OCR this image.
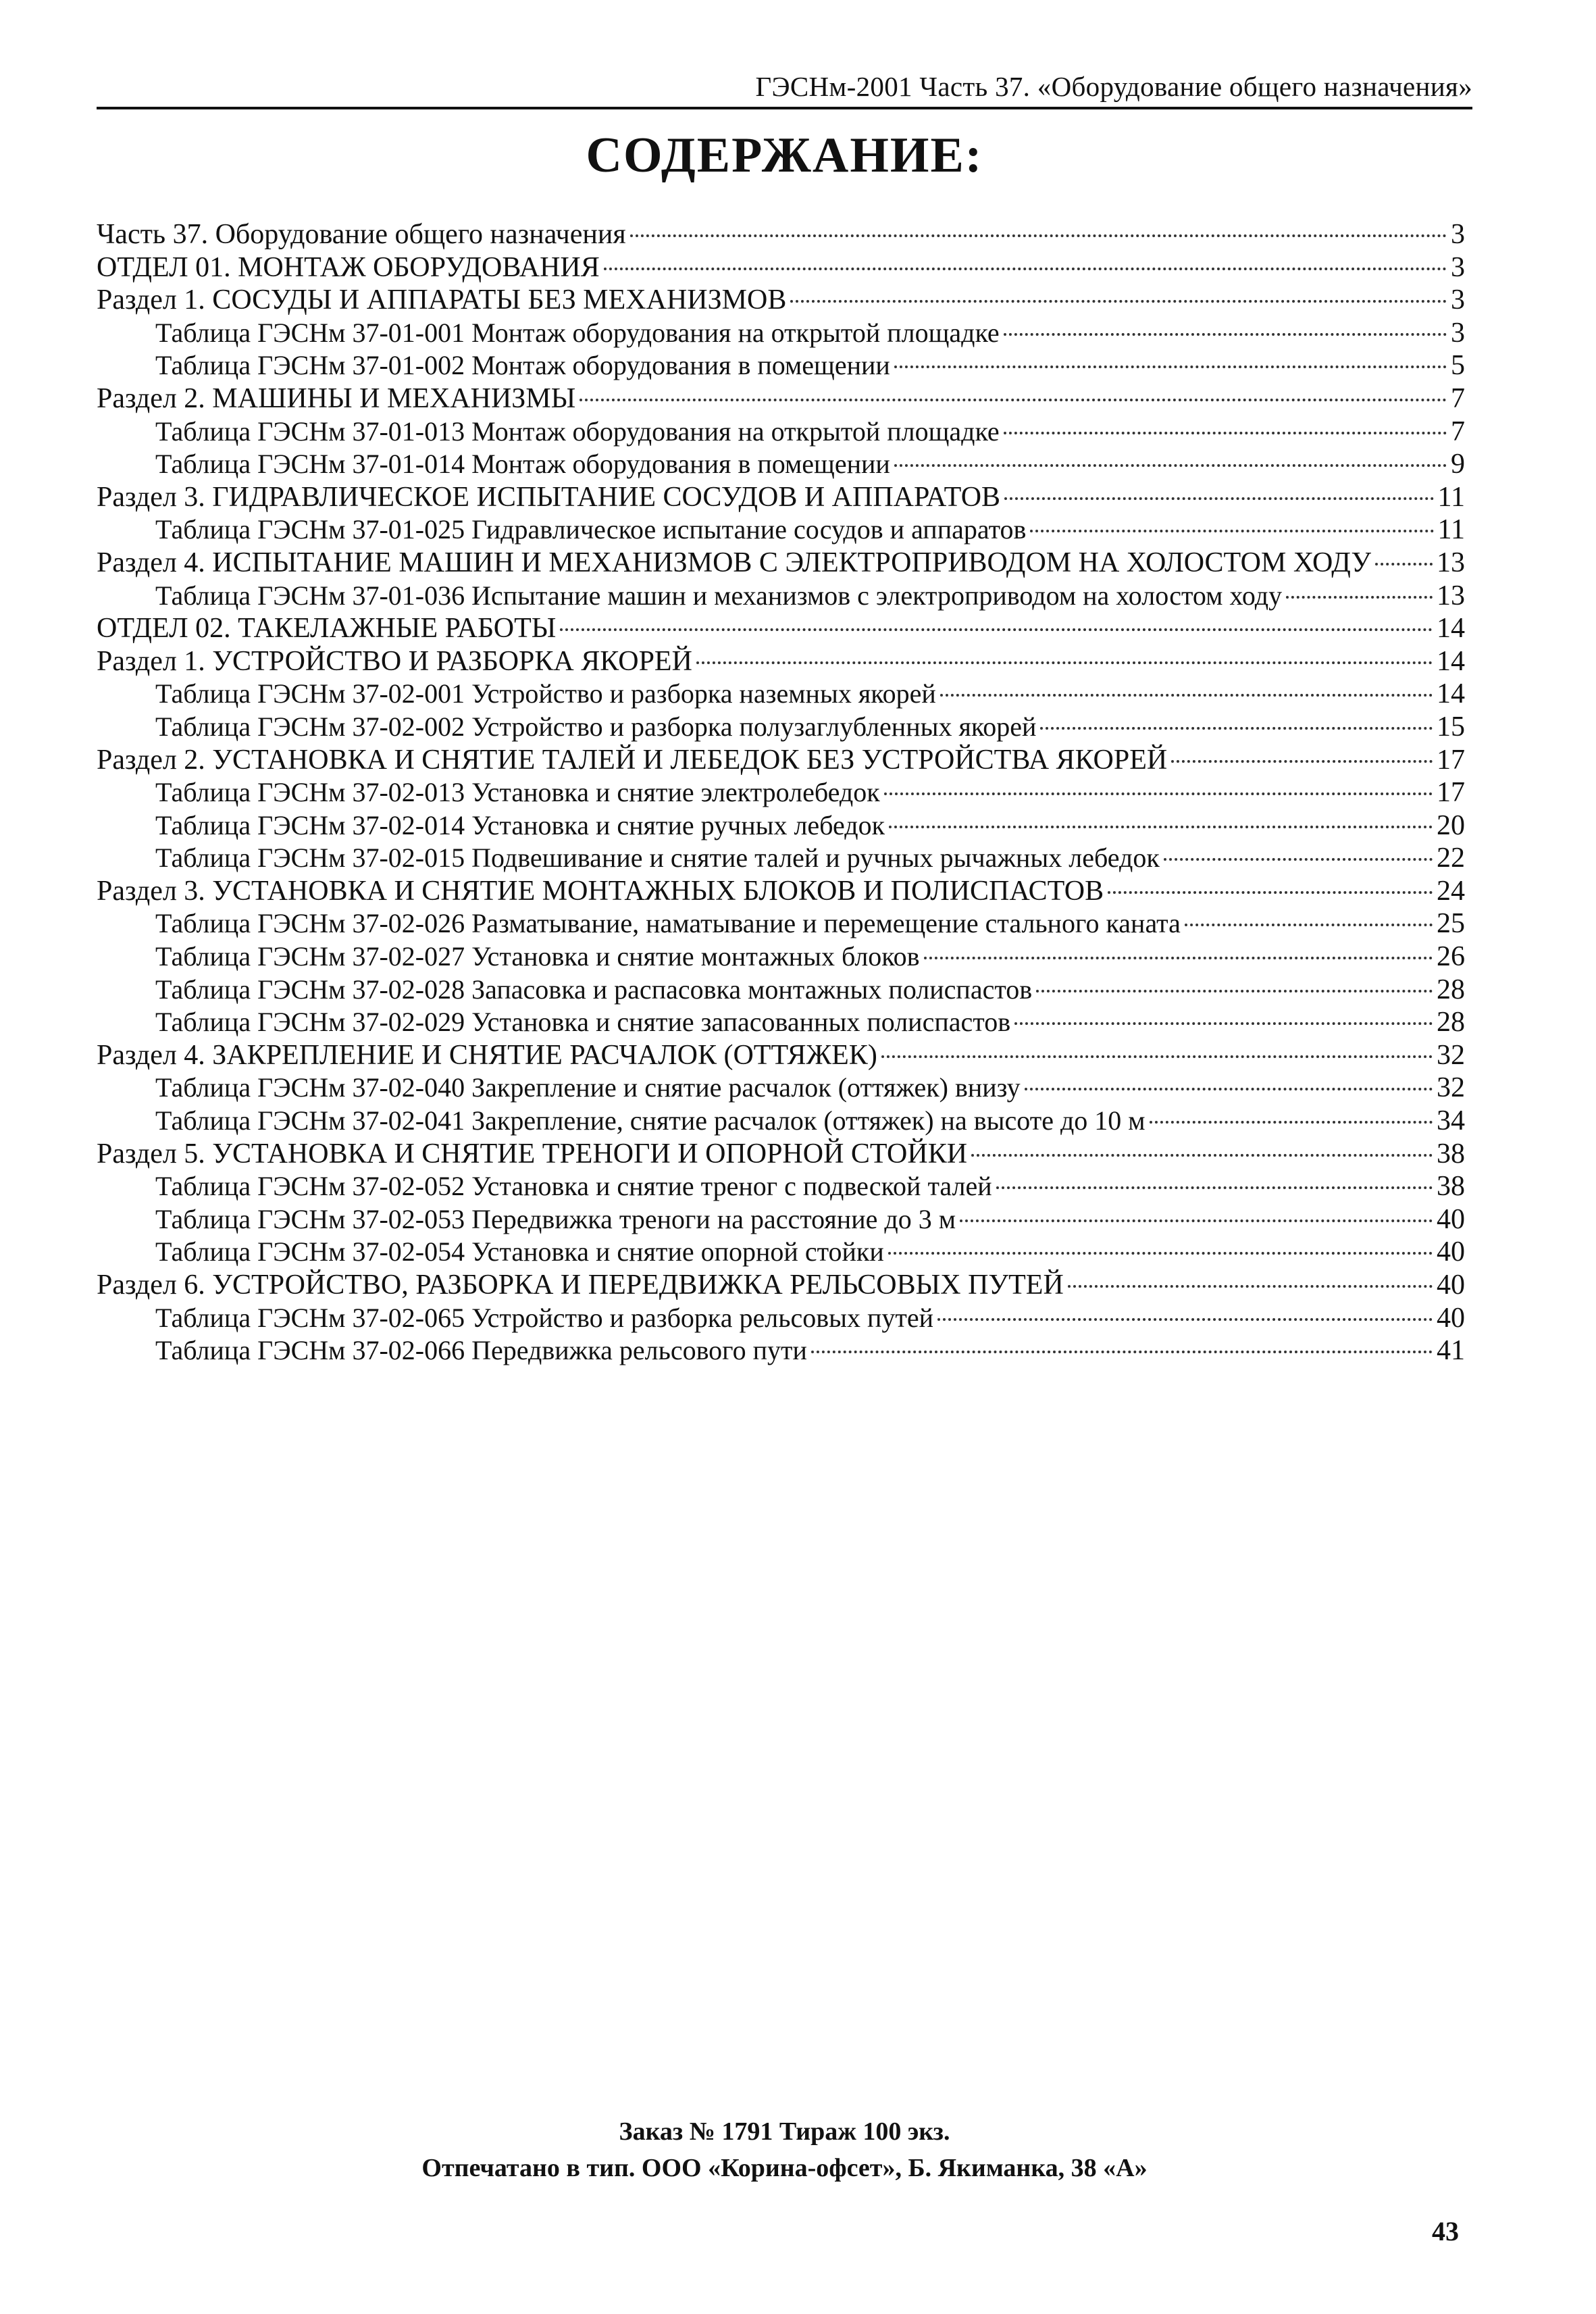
ГЭСНм-2001 Часть 37. «Оборудование общего назначения»
СОДЕРЖАНИЕ:
Часть 37. Оборудование общего назначения	3
ОТДЕЛ 01. МОНТАЖ ОБОРУДОВАНИЯ	3
Раздел 1. СОСУДЫ И АППАРАТЫ БЕЗ МЕХАНИЗМОВ	3
Таблица ГЭСНм 37-01-001 Монтаж оборудования на открытой площадке	3
Таблица ГЭСНм 37-01-002 Монтаж оборудования в помещении	5
Раздел 2. МАШИНЫ И МЕХАНИЗМЫ	7
Таблица ГЭСНм 37-01-013 Монтаж оборудования на открытой площадке	7
Таблица ГЭСНм 37-01-014 Монтаж оборудования в помещении	9
Раздел 3. ГИДРАВЛИЧЕСКОЕ ИСПЫТАНИЕ СОСУДОВ И АППАРАТОВ	11
Таблица ГЭСНм 37-01-025 Гидравлическое испытание сосудов и аппаратов	11
Раздел 4. ИСПЫТАНИЕ МАШИН И МЕХАНИЗМОВ С ЭЛЕКТРОПРИВОДОМ НА ХОЛОСТОМ ХОДУ 13
Таблица ГЭСНм 37-01-036 Испытание машин и механизмов с электроприводом на холостом ходу	13
ОТДЕЛ 02. ТАКЕЛАЖНЫЕ РАБОТЫ	14
Раздел 1. УСТРОЙСТВО И РАЗБОРКА ЯКОРЕЙ	14
Таблица ГЭСНм 37-02-001 Устройство и разборка наземных якорей	14
Таблица ГЭСНм 37-02-002 Устройство и разборка полузаглубленных якорей	15
Раздел 2. УСТАНОВКА И СНЯТИЕ ТАЛЕЙ И ЛЕБЕДОК БЕЗ УСТРОЙСТВА ЯКОРЕЙ	17
Таблица ГЭСНм 37-02-013 Установка и снятие электролебедок	17
Таблица ГЭСНм 37-02-014 Установка и снятие ручных лебедок	20
Таблица ГЭСНм 37-02-015 Подвешивание и снятие талей и ручных рычажных лебедок	22
Раздел 3. УСТАНОВКА И СНЯТИЕ МОНТАЖНЫХ БЛОКОВ И ПОЛИСПАСТОВ	24
Таблица ГЭСНм 37-02-026 Разматывание, наматывание и перемещение стального каната	25
Таблица ГЭСНм 37-02-027 Установка и снятие монтажных блоков	26
Таблица ГЭСНм 37-02-028 Запасовка и распасовка монтажных полиспастов	28
Таблица ГЭСНм 37-02-029 Установка и снятие запасованных полиспастов	28
Раздел 4. ЗАКРЕПЛЕНИЕ И СНЯТИЕ РАСЧАЛОК (ОТТЯЖЕК)	32
Таблица ГЭСНм 37-02-040 Закрепление и снятие расчалок (оттяжек) внизу	32
Таблица ГЭСНм 37-02-041 Закрепление, снятие расчалок (оттяжек) на высоте до 10 м	34
Раздел 5. УСТАНОВКА И СНЯТИЕ ТРЕНОГИ И ОПОРНОЙ СТОЙКИ	38
Таблица ГЭСНм 37-02-052 Установка и снятие треног с подвеской талей	38
Таблица ГЭСНм 37-02-053 Передвижка треноги на расстояние до 3 м	40
Таблица ГЭСНм 37-02-054 Установка и снятие опорной стойки	40
Раздел 6. УСТРОЙСТВО, РАЗБОРКА И ПЕРЕДВИЖКА РЕЛЬСОВЫХ ПУТЕЙ	40
Таблица ГЭСНм 37-02-065 Устройство и разборка рельсовых путей	40
Таблица ГЭСНм 37-02-066 Передвижка рельсового пути	41
Заказ № 1791 Тираж 100 экз.
Отпечатано в тип. ООО «Корина-офсет», Б. Якиманка, 38 «А»
43
